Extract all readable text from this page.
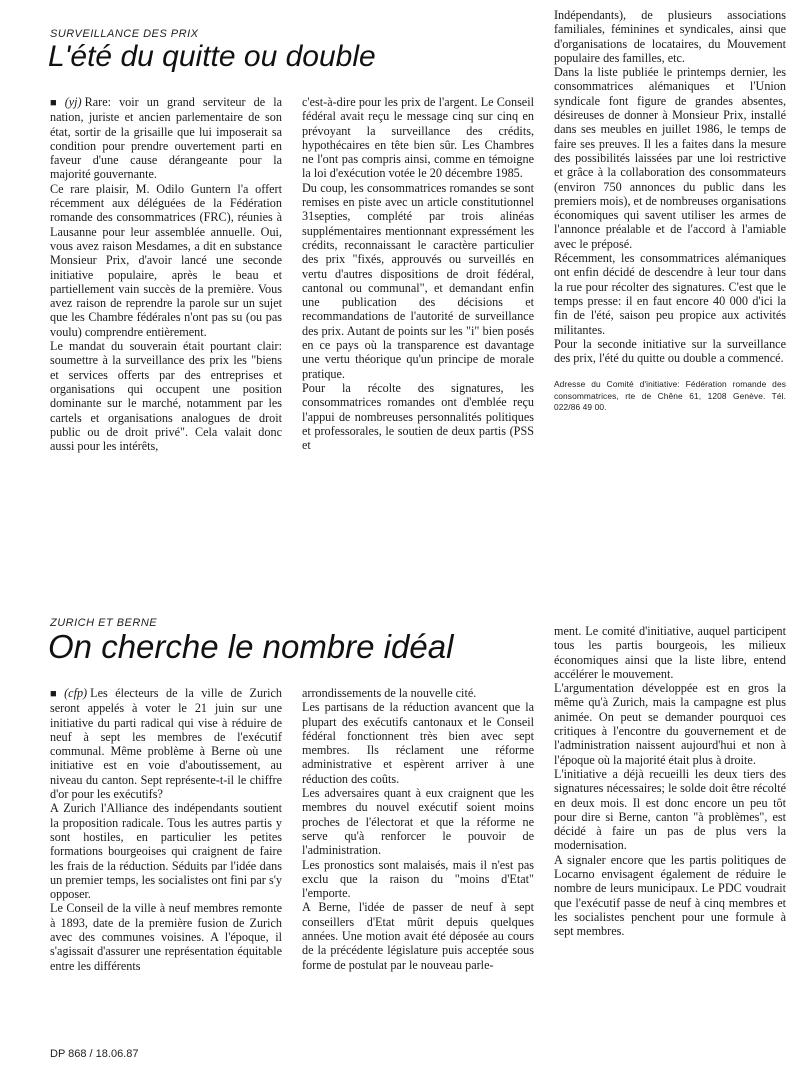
SURVEILLANCE DES PRIX
L'été du quitte ou double

■ (yj) Rare: voir un grand serviteur de la nation, juriste et ancien parlementaire de son état, sortir de la grisaille que lui imposerait sa condition pour prendre ouvertement parti en faveur d'une cause dérangeante pour la majorité gouvernante.

Ce rare plaisir, M. Odilo Guntern l'a offert récemment aux déléguées de la Fédération romande des consommatrices (FRC), réunies à Lausanne pour leur assemblée annuelle. Oui, vous avez raison Mesdames, a dit en substance Monsieur Prix, d'avoir lancé une seconde initiative populaire, après le beau et partiellement vain succès de la première. Vous avez raison de reprendre la parole sur un sujet que les Chambre fédérales n'ont pas su (ou pas voulu) comprendre entièrement.

Le mandat du souverain était pourtant clair: soumettre à la surveillance des prix les "biens et services offerts par des entreprises et organisations qui occupent une position dominante sur le marché, notamment par les cartels et organisations analogues de droit public ou de droit privé". Cela valait donc aussi pour les intérêts,

c'est-à-dire pour les prix de l'argent. Le Conseil fédéral avait reçu le message cinq sur cinq en prévoyant la surveillance des crédits, hypothécaires en tête bien sûr. Les Chambres ne l'ont pas compris ainsi, comme en témoigne la loi d'exécution votée le 20 décembre 1985.

Du coup, les consommatrices romandes se sont remises en piste avec un article constitutionnel 31septies, complété par trois alinéas supplémentaires mentionnant expressément les crédits, reconnaissant le caractère particulier des prix "fixés, approuvés ou surveillés en vertu d'autres dispositions de droit fédéral, cantonal ou communal", et demandant enfin une publication des décisions et recommandations de l'autorité de surveillance des prix. Autant de points sur les "i" bien posés en ce pays où la transparence est davantage une vertu théorique qu'un principe de morale pratique.

Pour la récolte des signatures, les consommatrices romandes ont d'emblée reçu l'appui de nombreuses personnalités politiques et professorales, le soutien de deux partis (PSS et

Indépendants), de plusieurs associations familiales, féminines et syndicales, ainsi que d'organisations de locataires, du Mouvement populaire des familles, etc.

Dans la liste publiée le printemps dernier, les consommatrices alémaniques et l'Union syndicale font figure de grandes absentes, désireuses de donner à Monsieur Prix, installé dans ses meubles en juillet 1986, le temps de faire ses preuves. Il les a faites dans la mesure des possibilités laissées par une loi restrictive et grâce à la collaboration des consommateurs (environ 750 annonces du public dans les premiers mois), et de nombreuses organisations économiques qui savent utiliser les armes de l'annonce préalable et de l'accord à l'amiable avec le préposé.

Récemment, les consommatrices alémaniques ont enfin décidé de descendre à leur tour dans la rue pour récolter des signatures. C'est que le temps presse: il en faut encore 40 000 d'ici la fin de l'été, saison peu propice aux activités militantes.

Pour la seconde initiative sur la surveillance des prix, l'été du quitte ou double a commencé.

Adresse du Comité d'initiative: Fédération romande des consommatrices, rte de Chêne 61, 1208 Genève. Tél. 022/86 49 00.

ZURICH ET BERNE
On cherche le nombre idéal

■ (cfp) Les électeurs de la ville de Zurich seront appelés à voter le 21 juin sur une initiative du parti radical qui vise à réduire de neuf à sept les membres de l'exécutif communal. Même problème à Berne où une initiative est en voie d'aboutissement, au niveau du canton. Sept représente-t-il le chiffre d'or pour les exécutifs?

A Zurich l'Alliance des indépendants soutient la proposition radicale. Tous les autres partis y sont hostiles, en particulier les petites formations bourgeoises qui craignent de faire les frais de la réduction. Séduits par l'idée dans un premier temps, les socialistes ont fini par s'y opposer.

Le Conseil de la ville à neuf membres remonte à 1893, date de la première fusion de Zurich avec des communes voisines. A l'époque, il s'agissait d'assurer une représentation équitable entre les différents

arrondissements de la nouvelle cité.

Les partisans de la réduction avancent que la plupart des exécutifs cantonaux et le Conseil fédéral fonctionnent très bien avec sept membres. Ils réclament une réforme administrative et espèrent arriver à une réduction des coûts.

Les adversaires quant à eux craignent que les membres du nouvel exécutif soient moins proches de l'électorat et que la réforme ne serve qu'à renforcer le pouvoir de l'administration.

Les pronostics sont malaisés, mais il n'est pas exclu que la raison du "moins d'Etat" l'emporte.

A Berne, l'idée de passer de neuf à sept conseillers d'Etat mûrit depuis quelques années. Une motion avait été déposée au cours de la précédente législature puis acceptée sous forme de postulat par le nouveau parle-

ment. Le comité d'initiative, auquel participent tous les partis bourgeois, les milieux économiques ainsi que la liste libre, entend accélérer le mouvement.

L'argumentation développée est en gros la même qu'à Zurich, mais la campagne est plus animée. On peut se demander pourquoi ces critiques à l'encontre du gouvernement et de l'administration naissent aujourd'hui et non à l'époque où la majorité était plus à droite.

L'initiative a déjà recueilli les deux tiers des signatures nécessaires; le solde doit être récolté en deux mois. Il est donc encore un peu tôt pour dire si Berne, canton "à problèmes", est décidé à faire un pas de plus vers la modernisation.

A signaler encore que les partis politiques de Locarno envisagent également de réduire le nombre de leurs municipaux. Le PDC voudrait que l'exécutif passe de neuf à cinq membres et les socialistes penchent pour une formule à sept membres.

DP 868 / 18.06.87
